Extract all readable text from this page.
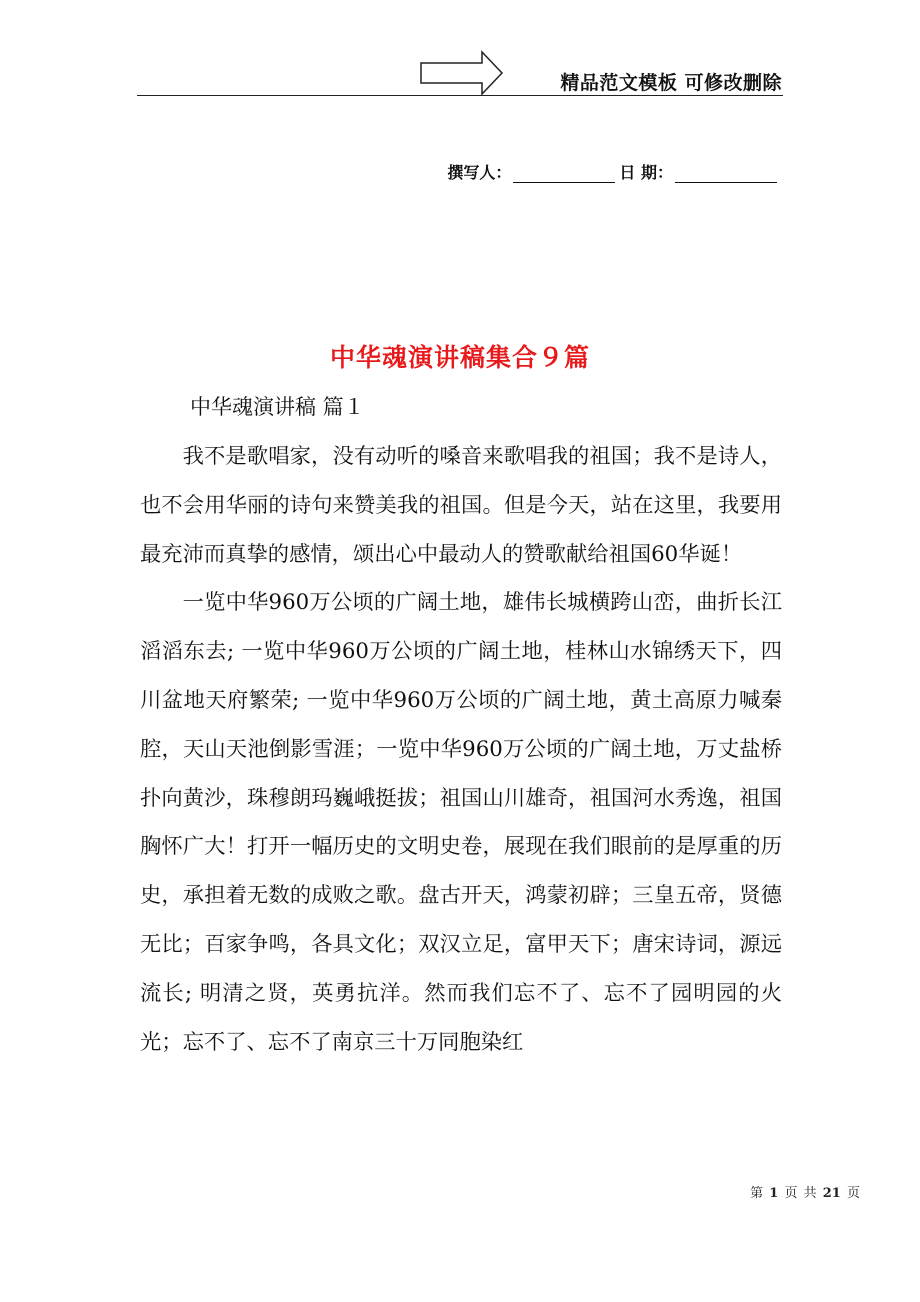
精品范文模板 可修改删除
撰写人：	日 期：
中华魂演讲稿集合９篇
中华魂演讲稿 篇１

我不是歌唱家，没有动听的嗓音来歌唱我的祖国；我不是诗人，也不会用华丽的诗句来赞美我的祖国。但是今天，站在这里，我要用最充沛而真挚的感情，颂出心中最动人的赞歌献给祖国60华诞！

一览中华960万公顷的广阔土地，雄伟长城横跨山峦，曲折长江滔滔东去; 一览中华960万公顷的广阔土地，桂林山水锦绣天下，四川盆地天府繁荣; 一览中华960万公顷的广阔土地，黄土高原力喊秦腔，天山天池倒影雪涯；一览中华960万公顷的广阔土地，万丈盐桥扑向黄沙，珠穆朗玛巍峨挺拔；祖国山川雄奇，祖国河水秀逸，祖国胸怀广大！打开一幅历史的文明史卷，展现在我们眼前的是厚重的历史，承担着无数的成败之歌。盘古开天，鸿蒙初辟；三皇五帝，贤德无比；百家争鸣，各具文化；双汉立足，富甲天下；唐宋诗词，源远流长; 明清之贤，英勇抗洋。然而我们忘不了、忘不了园明园的火光；忘不了、忘不了南京三十万同胞染红

第 1 页 共 21 页
